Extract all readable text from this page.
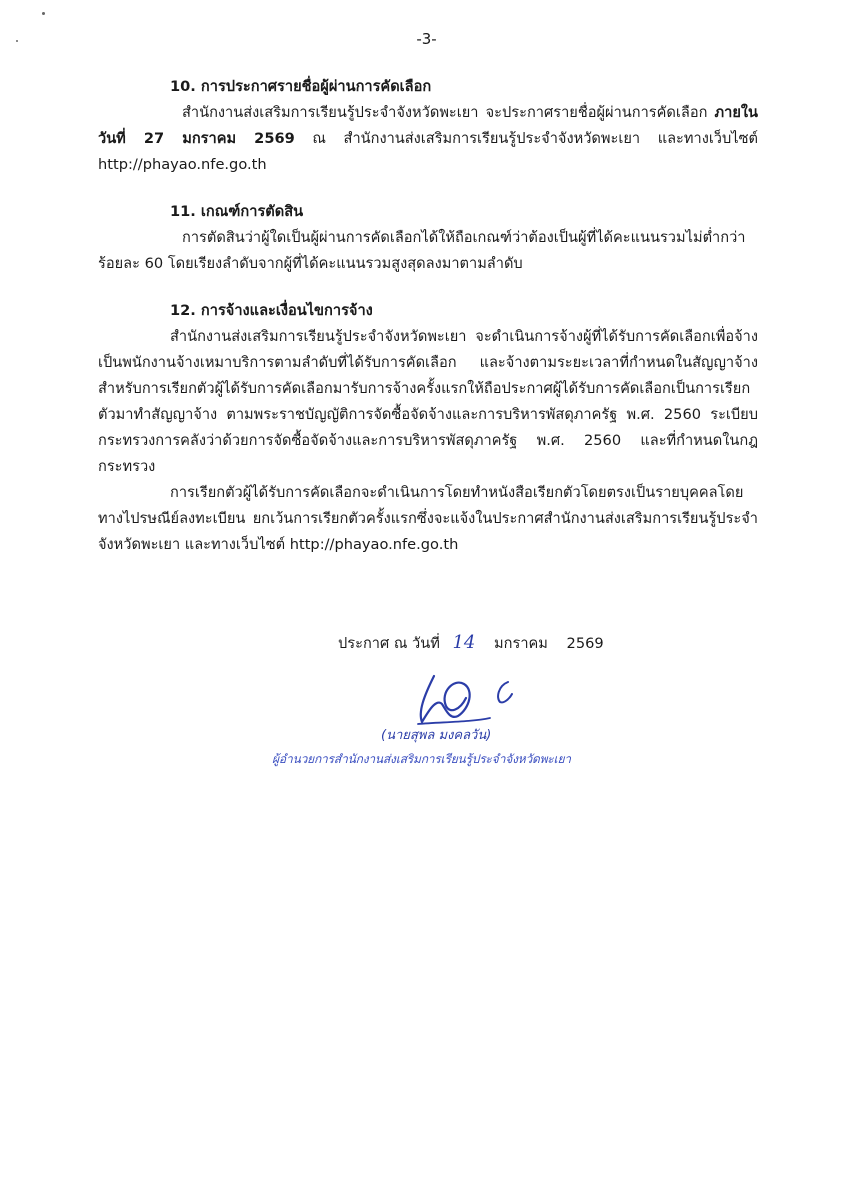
-3-
10. การประกาศรายชื่อผู้ผ่านการคัดเลือก

สำนักงานส่งเสริมการเรียนรู้ประจำจังหวัดพะเยา จะประกาศรายชื่อผู้ผ่านการคัดเลือก ภายในวันที่ 27 มกราคม 2569 ณ สำนักงานส่งเสริมการเรียนรู้ประจำจังหวัดพะเยา และทางเว็บไซต์ http://phayao.nfe.go.th

11. เกณฑ์การตัดสิน

การตัดสินว่าผู้ใดเป็นผู้ผ่านการคัดเลือกได้ให้ถือเกณฑ์ว่าต้องเป็นผู้ที่ได้คะแนนรวมไม่ต่ำกว่าร้อยละ 60 โดยเรียงลำดับจากผู้ที่ได้คะแนนรวมสูงสุดลงมาตามลำดับ

12. การจ้างและเงื่อนไขการจ้าง

สำนักงานส่งเสริมการเรียนรู้ประจำจังหวัดพะเยา จะดำเนินการจ้างผู้ที่ได้รับการคัดเลือกเพื่อจ้างเป็นพนักงานจ้างเหมาบริการตามลำดับที่ได้รับการคัดเลือก และจ้างตามระยะเวลาที่กำหนดในสัญญาจ้าง สำหรับการเรียกตัวผู้ได้รับการคัดเลือกมารับการจ้างครั้งแรกให้ถือประกาศผู้ได้รับการคัดเลือกเป็นการเรียกตัวมาทำสัญญาจ้าง ตามพระราชบัญญัติการจัดซื้อจัดจ้างและการบริหารพัสดุภาครัฐ พ.ศ. 2560 ระเบียบกระทรวงการคลังว่าด้วยการจัดซื้อจัดจ้างและการบริหารพัสดุภาครัฐ พ.ศ. 2560 และที่กำหนดในกฎกระทรวง

การเรียกตัวผู้ได้รับการคัดเลือกจะดำเนินการโดยทำหนังสือเรียกตัวโดยตรงเป็นรายบุคคลโดยทางไปรษณีย์ลงทะเบียน ยกเว้นการเรียกตัวครั้งแรกซึ่งจะแจ้งในประกาศสำนักงานส่งเสริมการเรียนรู้ประจำจังหวัดพะเยา และทางเว็บไซต์ http://phayao.nfe.go.th

ประกาศ ณ วันที่ 14 มกราคม 2569
(นายสุพล มงคลวัน)
ผู้อำนวยการสำนักงานส่งเสริมการเรียนรู้ประจำจังหวัดพะเยา
